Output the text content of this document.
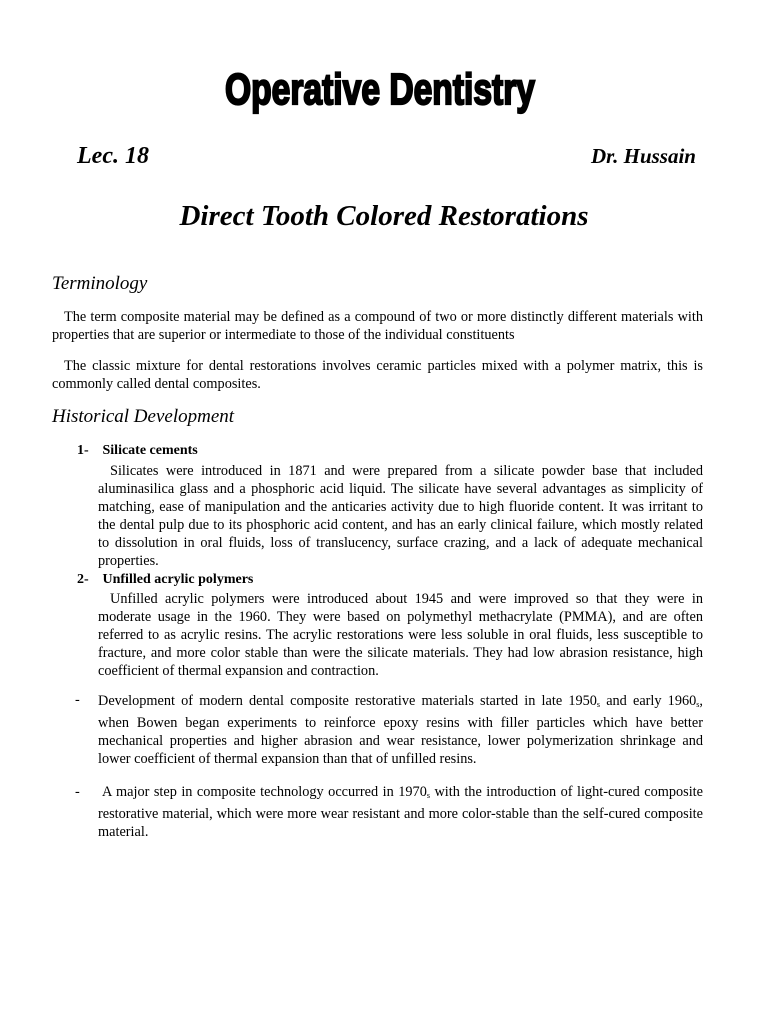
Operative Dentistry
Lec. 18	Dr. Hussain
Direct Tooth Colored Restorations
Terminology
The term composite material may be defined as a compound of two or more distinctly different materials with properties that are superior or intermediate to those of the individual constituents
The classic mixture for dental restorations involves ceramic particles mixed with a polymer matrix, this is commonly called dental composites.
Historical Development
1- Silicate cements
Silicates were introduced in 1871 and were prepared from a silicate powder base that included aluminasilica glass and a phosphoric acid liquid. The silicate have several advantages as simplicity of matching, ease of manipulation and the anticaries activity due to high fluoride content. It was irritant to the dental pulp due to its phosphoric acid content, and has an early clinical failure, which mostly related to dissolution in oral fluids, loss of translucency, surface crazing, and a lack of adequate mechanical properties.
2- Unfilled acrylic polymers
Unfilled acrylic polymers were introduced about 1945 and were improved so that they were in moderate usage in the 1960. They were based on polymethyl methacrylate (PMMA), and are often referred to as acrylic resins. The acrylic restorations were less soluble in oral fluids, less susceptible to fracture, and more color stable than were the silicate materials. They had low abrasion resistance, high coefficient of thermal expansion and contraction.
- Development of modern dental composite restorative materials started in late $1950_s$ and early $1960_s$, when Bowen began experiments to reinforce epoxy resins with filler particles which have better mechanical properties and higher abrasion and wear resistance, lower polymerization shrinkage and lower coefficient of thermal expansion than that of unfilled resins.
- A major step in composite technology occurred in $1970_s$ with the introduction of light-cured composite restorative material, which were more wear resistant and more color-stable than the self-cured composite material.
